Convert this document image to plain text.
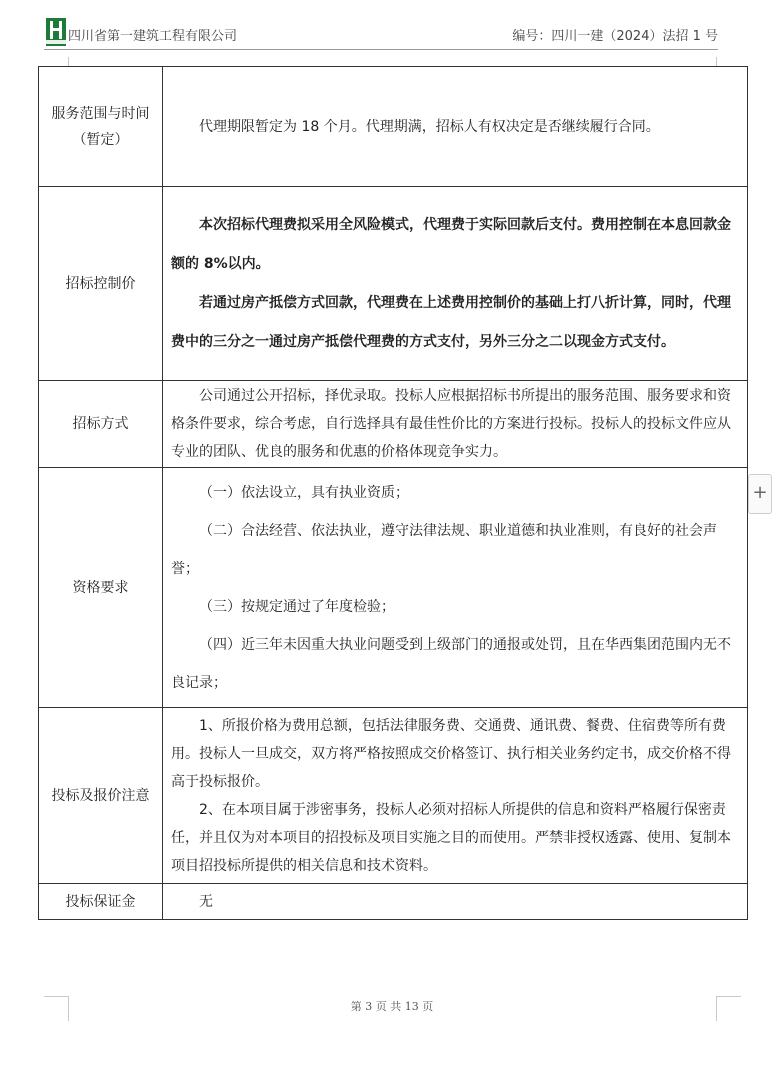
四川省第一建筑工程有限公司	编号：四川一建（2024）法招 1 号
服务范围与时间（暂定）	代理期限暂定为 18 个月。代理期满，招标人有权决定是否继续履行合同。

招标控制价	本次招标代理费拟采用全风险模式，代理费于实际回款后支付。费用控制在本息回款金额的 8%以内。

若通过房产抵偿方式回款，代理费在上述费用控制价的基础上打八折计算，同时，代理费中的三分之一通过房产抵偿代理费的方式支付，另外三分之二以现金方式支付。

招标方式	公司通过公开招标，择优录取。投标人应根据招标书所提出的服务范围、服务要求和资格条件要求，综合考虑，自行选择具有最佳性价比的方案进行投标。投标人的投标文件应从专业的团队、优良的服务和优惠的价格体现竞争实力。

资格要求	（一）依法设立，具有执业资质；

（二）合法经营、依法执业，遵守法律法规、职业道德和执业准则，有良好的社会声誉；

（三）按规定通过了年度检验；

（四）近三年未因重大执业问题受到上级部门的通报或处罚，且在华西集团范围内无不良记录；

投标及报价注意	1、所报价格为费用总额，包括法律服务费、交通费、通讯费、餐费、住宿费等所有费用。投标人一旦成交，双方将严格按照成交价格签订、执行相关业务约定书，成交价格不得高于投标报价。

2、在本项目属于涉密事务，投标人必须对招标人所提供的信息和资料严格履行保密责任，并且仅为对本项目的招投标及项目实施之目的而使用。严禁非授权透露、使用、复制本项目招投标所提供的相关信息和技术资料。

投标保证金	无

+
第 3 页 共 13 页
